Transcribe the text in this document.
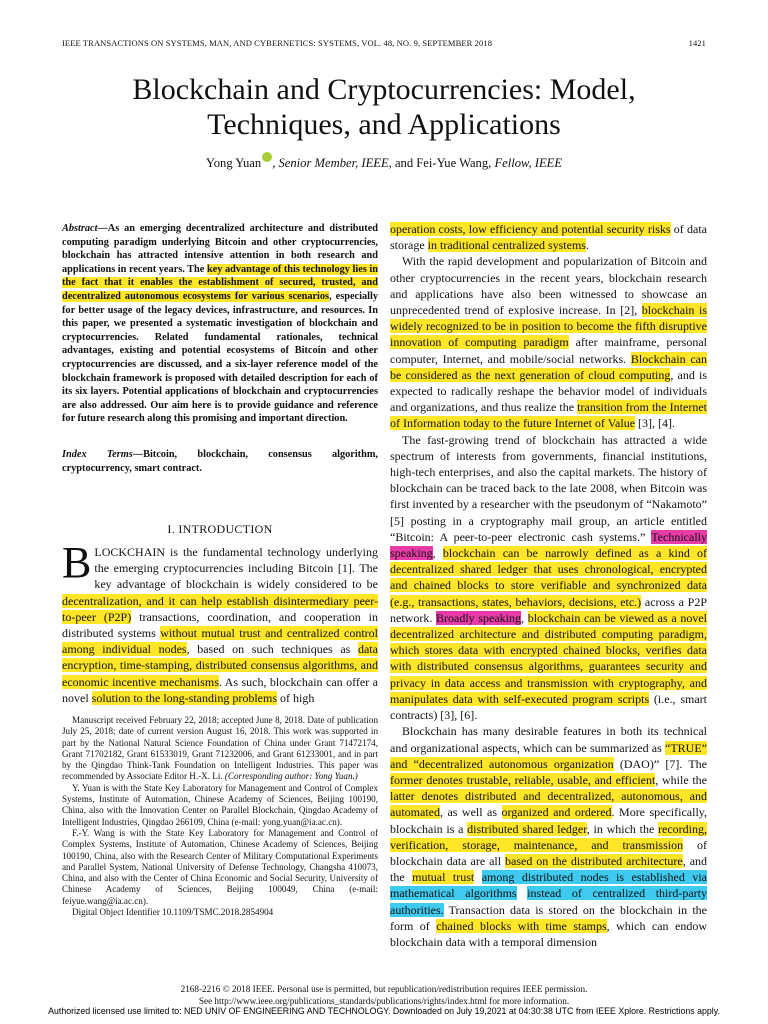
IEEE TRANSACTIONS ON SYSTEMS, MAN, AND CYBERNETICS: SYSTEMS, VOL. 48, NO. 9, SEPTEMBER 2018	1421
Blockchain and Cryptocurrencies: Model,
Techniques, and Applications
Yong Yuan , Senior Member, IEEE, and Fei-Yue Wang, Fellow, IEEE
Abstract—As an emerging decentralized architecture and distributed computing paradigm underlying Bitcoin and other cryptocurrencies, blockchain has attracted intensive attention in both research and applications in recent years. The key advantage of this technology lies in the fact that it enables the establishment of secured, trusted, and decentralized autonomous ecosystems for various scenarios, especially for better usage of the legacy devices, infrastructure, and resources. In this paper, we presented a systematic investigation of blockchain and cryptocurrencies. Related fundamental rationales, technical advantages, existing and potential ecosystems of Bitcoin and other cryptocurrencies are discussed, and a six-layer reference model of the blockchain framework is proposed with detailed description for each of its six layers. Potential applications of blockchain and cryptocurrencies are also addressed. Our aim here is to provide guidance and reference for future research along this promising and important direction.
Index Terms—Bitcoin, blockchain, consensus algorithm, cryptocurrency, smart contract.
I. INTRODUCTION
BLOCKCHAIN is the fundamental technology underlying the emerging cryptocurrencies including Bitcoin [1]. The key advantage of blockchain is widely considered to be decentralization, and it can help establish disintermediary peer-to-peer (P2P) transactions, coordination, and cooperation in distributed systems without mutual trust and centralized control among individual nodes, based on such techniques as data encryption, time-stamping, distributed consensus algorithms, and economic incentive mechanisms. As such, blockchain can offer a novel solution to the long-standing problems of high

Manuscript received February 22, 2018; accepted June 8, 2018. Date of publication July 25, 2018; date of current version August 16, 2018. This work was supported in part by the National Natural Science Foundation of China under Grant 71472174, Grant 71702182, Grant 61533019, Grant 71232006, and Grant 61233001, and in part by the Qingdao Think-Tank Foundation on Intelligent Industries. This paper was recommended by Associate Editor H.-X. Li. (Corresponding author: Yong Yuan.)

Y. Yuan is with the State Key Laboratory for Management and Control of Complex Systems, Institute of Automation, Chinese Academy of Sciences, Beijing 100190, China, also with the Innovation Center on Parallel Blockchain, Qingdao Academy of Intelligent Industries, Qingdao 266109, China (e-mail: yong.yuan@ia.ac.cn).

F.-Y. Wang is with the State Key Laboratory for Management and Control of Complex Systems, Institute of Automation, Chinese Academy of Sciences, Beijing 100190, China, also with the Research Center of Military Computational Experiments and Parallel System, National University of Defense Technology, Changsha 410073, China, and also with the Center of China Economic and Social Security, University of Chinese Academy of Sciences, Beijing 100049, China (e-mail: feiyue.wang@ia.ac.cn).

Digital Object Identifier 10.1109/TSMC.2018.2854904

operation costs, low efficiency and potential security risks of data storage in traditional centralized systems.

With the rapid development and popularization of Bitcoin and other cryptocurrencies in the recent years, blockchain research and applications have also been witnessed to showcase an unprecedented trend of explosive increase. In [2], blockchain is widely recognized to be in position to become the fifth disruptive innovation of computing paradigm after mainframe, personal computer, Internet, and mobile/social networks. Blockchain can be considered as the next generation of cloud computing, and is expected to radically reshape the behavior model of individuals and organizations, and thus realize the transition from the Internet of Information today to the future Internet of Value [3], [4].

The fast-growing trend of blockchain has attracted a wide spectrum of interests from governments, financial institutions, high-tech enterprises, and also the capital markets. The history of blockchain can be traced back to the late 2008, when Bitcoin was first invented by a researcher with the pseudonym of “Nakamoto” [5] posting in a cryptography mail group, an article entitled “Bitcoin: A peer-to-peer electronic cash systems.” Technically speaking, blockchain can be narrowly defined as a kind of decentralized shared ledger that uses chronological, encrypted and chained blocks to store verifiable and synchronized data (e.g., transactions, states, behaviors, decisions, etc.) across a P2P network. Broadly speaking, blockchain can be viewed as a novel decentralized architecture and distributed computing paradigm, which stores data with encrypted chained blocks, verifies data with distributed consensus algorithms, guarantees security and privacy in data access and transmission with cryptography, and manipulates data with self-executed program scripts (i.e., smart contracts) [3], [6].

Blockchain has many desirable features in both its technical and organizational aspects, which can be summarized as “TRUE” and “decentralized autonomous organization (DAO)” [7]. The former denotes trustable, reliable, usable, and efficient, while the latter denotes distributed and decentralized, autonomous, and automated, as well as organized and ordered. More specifically, blockchain is a distributed shared ledger, in which the recording, verification, storage, maintenance, and transmission of blockchain data are all based on the distributed architecture, and the mutual trust among distributed nodes is established via mathematical algorithms instead of centralized third-party authorities. Transaction data is stored on the blockchain in the form of chained blocks with time stamps, which can endow blockchain data with a temporal dimension

2168-2216 © 2018 IEEE. Personal use is permitted, but republication/redistribution requires IEEE permission.
See http://www.ieee.org/publications_standards/publications/rights/index.html for more information.
Authorized licensed use limited to: NED UNIV OF ENGINEERING AND TECHNOLOGY. Downloaded on July 19,2021 at 04:30:38 UTC from IEEE Xplore. Restrictions apply.
